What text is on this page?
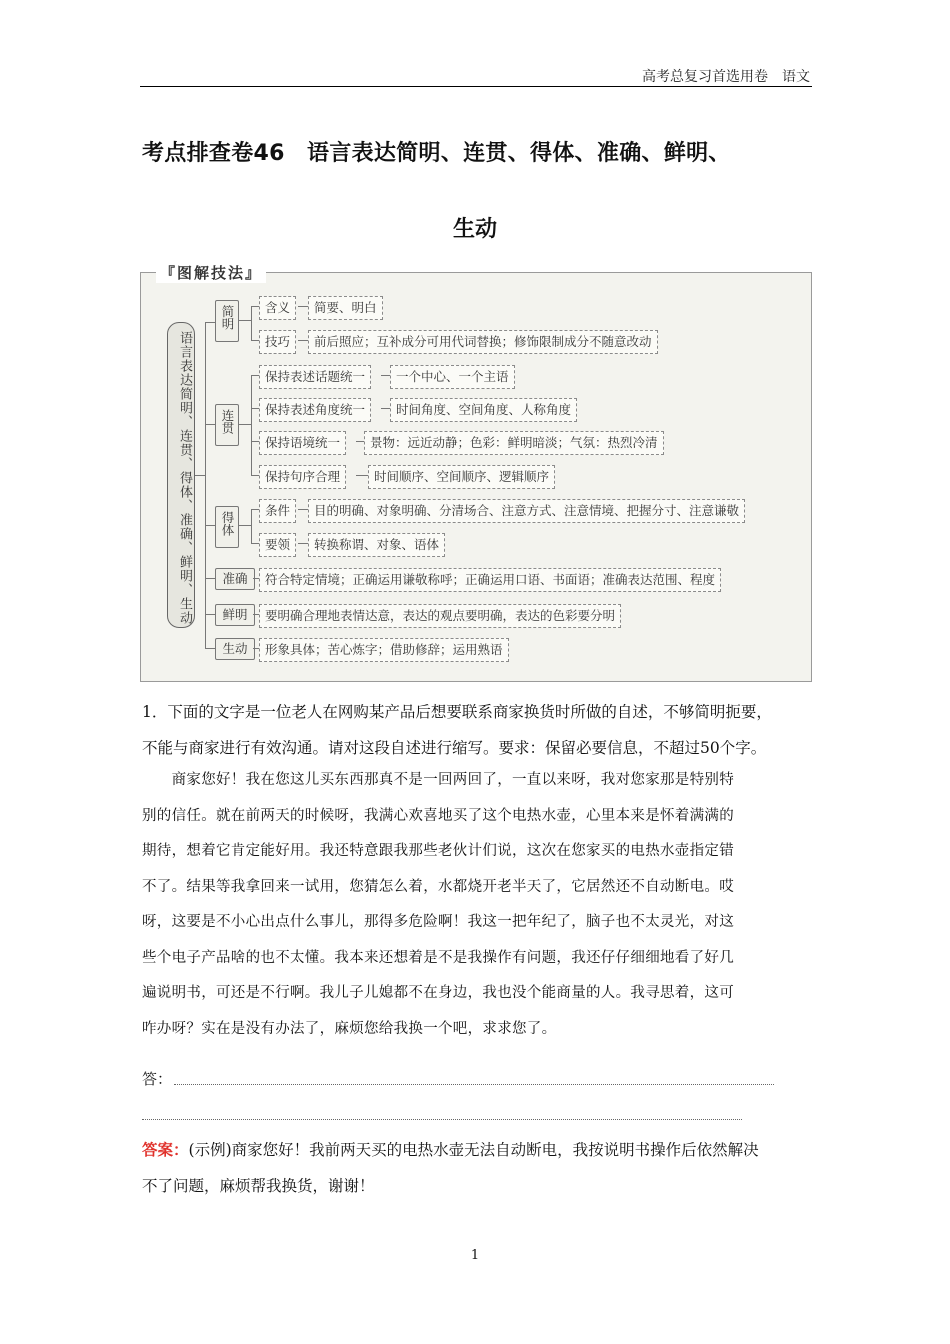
高考总复习首选用卷　语文
考点排查卷46　语言表达简明、连贯、得体、准确、鲜明、
生动
『图解技法』
语言表达简明、连贯、得体、准确、鲜明、生动
简明	含义	简要、明白
技巧	前后照应；互补成分可用代词替换；修饰限制成分不随意改动
连贯
保持表述话题统一	一个中心、一个主语
保持表述角度统一	时间角度、空间角度、人称角度
保持语境统一	景物：远近动静；色彩：鲜明暗淡；气氛：热烈冷清
保持句序合理	时间顺序、空间顺序、逻辑顺序
得体
条件	目的明确、对象明确、分清场合、注意方式、注意情境、把握分寸、注意谦敬
要领	转换称谓、对象、语体
准确	符合特定情境；正确运用谦敬称呼；正确运用口语、书面语；准确表达范围、程度
鲜明	要明确合理地表情达意，表达的观点要明确，表达的色彩要分明
生动	形象具体；苦心炼字；借助修辞；运用熟语
1．下面的文字是一位老人在网购某产品后想要联系商家换货时所做的自述，不够简明扼要，
不能与商家进行有效沟通。请对这段自述进行缩写。要求：保留必要信息，不超过50个字。
　　商家您好！我在您这儿买东西那真不是一回两回了，一直以来呀，我对您家那是特别特
别的信任。就在前两天的时候呀，我满心欢喜地买了这个电热水壶，心里本来是怀着满满的
期待，想着它肯定能好用。我还特意跟我那些老伙计们说，这次在您家买的电热水壶指定错
不了。结果等我拿回来一试用，您猜怎么着，水都烧开老半天了，它居然还不自动断电。哎
呀，这要是不小心出点什么事儿，那得多危险啊！我这一把年纪了，脑子也不太灵光，对这
些个电子产品啥的也不太懂。我本来还想着是不是我操作有问题，我还仔仔细细地看了好几
遍说明书，可还是不行啊。我儿子儿媳都不在身边，我也没个能商量的人。我寻思着，这可
咋办呀？实在是没有办法了，麻烦您给我换一个吧，求求您了。
答：
答案：(示例)商家您好！我前两天买的电热水壶无法自动断电，我按说明书操作后依然解决
不了问题，麻烦帮我换货，谢谢！
1
